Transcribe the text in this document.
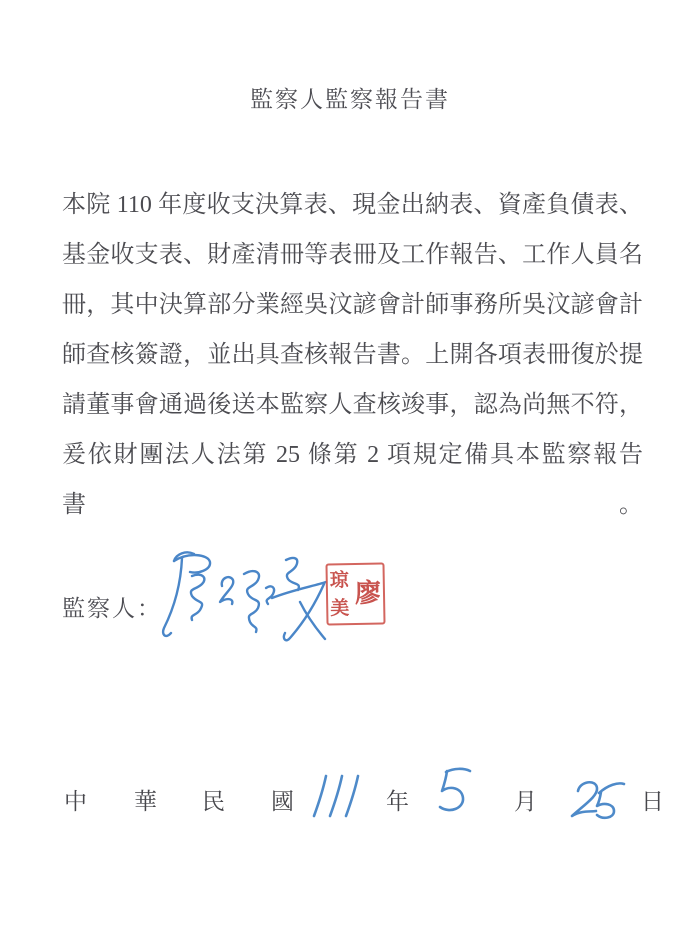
監察人監察報告書
本院 110 年度收支決算表、現金出納表、資產負債表、
基金收支表、財產清冊等表冊及工作報告、工作人員名
冊，其中決算部分業經吳汶諺會計師事務所吳汶諺會計
師查核簽證，並出具查核報告書。上開各項表冊復於提
請董事會通過後送本監察人查核竣事，認為尚無不符，
爰依財團法人法第 25 條第 2 項規定備具本監察報告書。
監察人：
琼
美
廖
中 華 民 國	年	月	日
